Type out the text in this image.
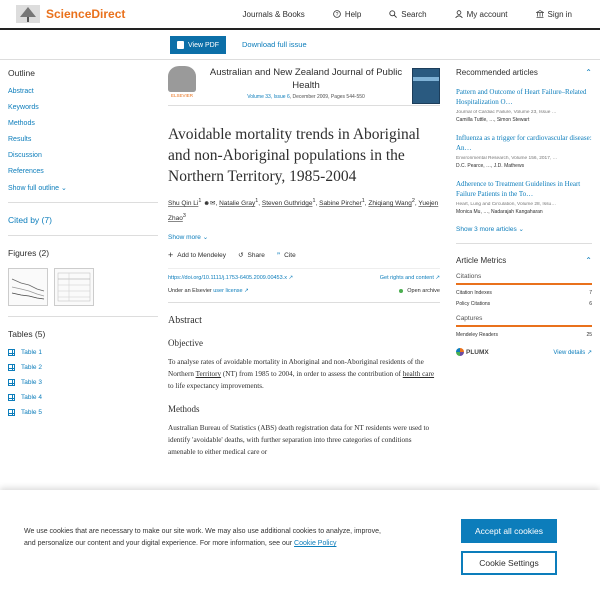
ScienceDirect	Journals & Books	? Help	Search	My account	Sign in
View PDF	Download full issue
Outline
Abstract
Keywords
Methods
Results
Discussion
References
Show full outline ⌄
Cited by (7)
Figures (2)
Tables (5)
Table 1
Table 2
Table 3
Table 4
Table 5
ELSEVIER
Australian and New Zealand Journal of Public Health
Volume 33, Issue 6, December 2009, Pages 544-550
Avoidable mortality trends in Aboriginal and non-Aboriginal populations in the Northern Territory, 1985-2004
Shu Qin Li$^1$ ☻✉, Natalie Gray$^1$, Steven Guthridge$^1$, Sabine Pircher$^1$, Zhiqiang Wang$^2$, Yuejen Zhao$^3$
Show more ⌄
+ Add to Mendeley ↺ Share ” Cite
https://doi.org/10.1111/j.1753-6405.2009.00453.x ↗	Get rights and content ↗
Under an Elsevier user license ↗	Open archive
Abstract
Objective

To analyse rates of avoidable mortality in Aboriginal and non-Aboriginal residents of the Northern Territory (NT) from 1985 to 2004, in order to assess the contribution of health care to life expectancy improvements.

Methods

Australian Bureau of Statistics (ABS) death registration data for NT residents were used to identify 'avoidable' deaths, with further separation into three categories of conditions amenable to either medical care or

Recommended articles	⌃
Pattern and Outcome of Heart Failure–Related Hospitalization O…
Journal of Cardiac Failure, Volume 23, Issue …
Camilla Tuttle, …, Simon Stewart
Influenza as a trigger for cardiovascular disease: An…
Environmental Research, Volume 156, 2017, …
D.C. Pearce, …, J.D. Mathews
Adherence to Treatment Guidelines in Heart Failure Patients in the To…
Heart, Lung and Circulation, Volume 28, Issu…
Monica Mu, …, Nadarajah Kangaharan
Show 3 more articles ⌄
Article Metrics	⌃
Citations
Citation Indexes	7
Policy Citations	6
Captures
Mendeley Readers	25
PLUMX	View details ↗
We use cookies that are necessary to make our site work. We may also use additional cookies to analyze, improve, and personalize our content and your digital experience. For more information, see our Cookie Policy
Accept all cookies
Cookie Settings
